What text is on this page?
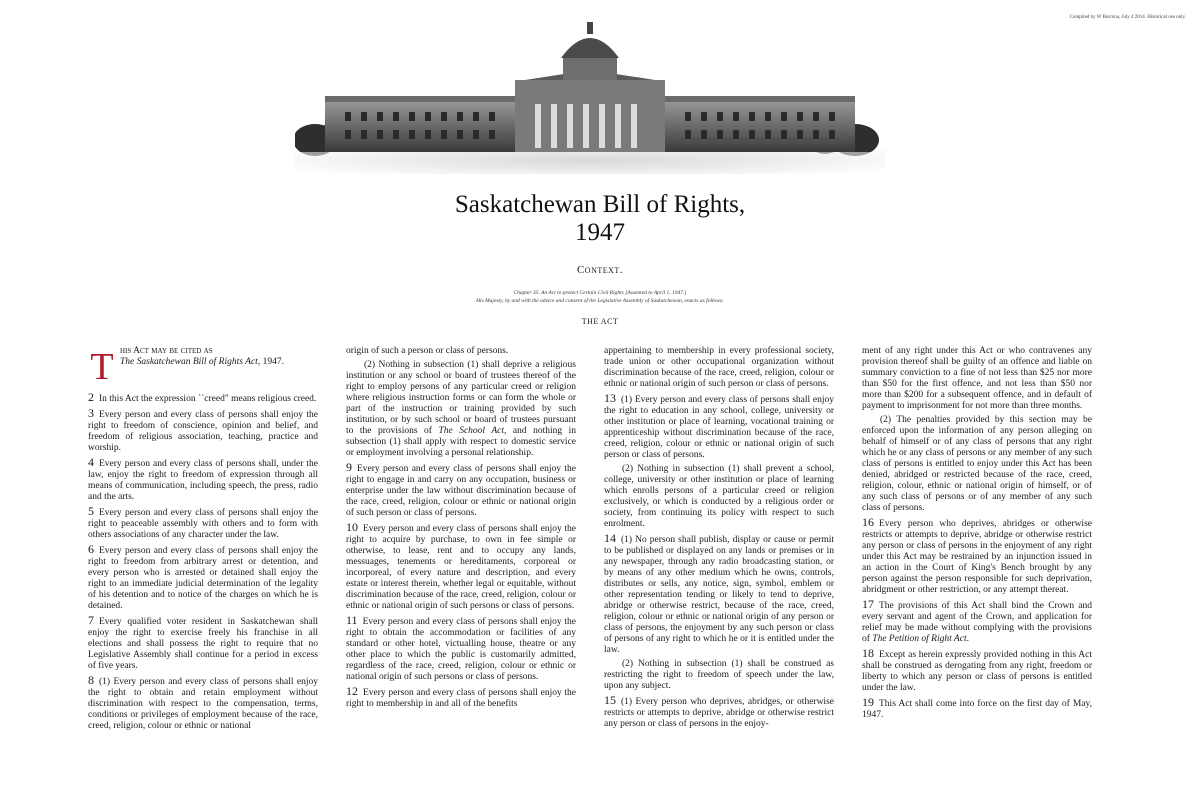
Compiled by W Borrona, July 4 2014. Historical use only.
Saskatchewan Bill of Rights,
1947
Context.
Chapter 35. An Act to protect Certain Civil Rights [Assented to April 1, 1947.]
His Majesty, by and with the advice and consent of the Legislative Assembly of Saskatchewan, enacts as follows:
THE ACT
T his Act may be cited as
The Saskatchewan Bill of Rights Act, 1947.

2 In this Act the expression ``creed" means religious creed.

3 Every person and every class of persons shall enjoy the right to freedom of conscience, opinion and belief, and freedom of religious association, teaching, practice and worship.

4 Every person and every class of persons shall, under the law, enjoy the right to freedom of expression through all means of communication, including speech, the press, radio and the arts.

5 Every person and every class of persons shall enjoy the right to peaceable assembly with others and to form with others associations of any character under the law.

6 Every person and every class of persons shall enjoy the right to freedom from arbitrary arrest or detention, and every person who is arrested or detained shall enjoy the right to an immediate judicial determination of the legality of his detention and to notice of the charges on which he is detained.

7 Every qualified voter resident in Saskatchewan shall enjoy the right to exercise freely his franchise in all elections and shall possess the right to require that no Legislative Assembly shall continue for a period in excess of five years.

8 (1) Every person and every class of persons shall enjoy the right to obtain and retain employment without discrimination with respect to the compensation, terms, conditions or privileges of employment because of the race, creed, religion, colour or ethnic or national

origin of such a person or class of persons.

(2) Nothing in subsection (1) shall deprive a religious institution or any school or board of trustees thereof of the right to employ persons of any particular creed or religion where religious instruction forms or can form the whole or part of the instruction or training provided by such institution, or by such school or board of trustees pursuant to the provisions of The School Act, and nothing in subsection (1) shall apply with respect to domestic service or employment involving a personal relationship.

9 Every person and every class of persons shall enjoy the right to engage in and carry on any occupation, business or enterprise under the law without discrimination because of the race, creed, religion, colour or ethnic or national origin of such person or class of persons.

10 Every person and every class of persons shall enjoy the right to acquire by purchase, to own in fee simple or otherwise, to lease, rent and to occupy any lands, messuages, tenements or hereditaments, corporeal or incorporeal, of every nature and description, and every estate or interest therein, whether legal or equitable, without discrimination because of the race, creed, religion, colour or ethnic or national origin of such persons or class of persons.

11 Every person and every class of persons shall enjoy the right to obtain the accommodation or facilities of any standard or other hotel, victualling house, theatre or any other place to which the public is customarily admitted, regardless of the race, creed, religion, colour or ethnic or national origin of such persons or class of persons.

12 Every person and every class of persons shall enjoy the right to membership in and all of the benefits

appertaining to membership in every professional society, trade union or other occupational organization without discrimination because of the race, creed, religion, colour or ethnic or national origin of such person or class of persons.

13 (1) Every person and every class of persons shall enjoy the right to education in any school, college, university or other institution or place of learning, vocational training or apprenticeship without discrimination because of the race, creed, religion, colour or ethnic or national origin of such person or class of persons.

(2) Nothing in subsection (1) shall prevent a school, college, university or other institution or place of learning which enrolls persons of a particular creed or religion exclusively, or which is conducted by a religious order or society, from continuing its policy with respect to such enrolment.

14 (1) No person shall publish, display or cause or permit to be published or displayed on any lands or premises or in any newspaper, through any radio broadcasting station, or by means of any other medium which he owns, controls, distributes or sells, any notice, sign, symbol, emblem or other representation tending or likely to tend to deprive, abridge or otherwise restrict, because of the race, creed, religion, colour or ethnic or national origin of any person or class of persons, the enjoyment by any such person or class of persons of any right to which he or it is entitled under the law.

(2) Nothing in subsection (1) shall be construed as restricting the right to freedom of speech under the law, upon any subject.

15 (1) Every person who deprives, abridges, or otherwise restricts or attempts to deprive, abridge or otherwise restrict any person or class of persons in the enjoy-

ment of any right under this Act or who contravenes any provision thereof shall be guilty of an offence and liable on summary conviction to a fine of not less than $25 nor more than $50 for the first offence, and not less than $50 nor more than $200 for a subsequent offence, and in default of payment to imprisonment for not more than three months.

(2) The penalties provided by this section may be enforced upon the information of any person alleging on behalf of himself or of any class of persons that any right which he or any class of persons or any member of any such class of persons is entitled to enjoy under this Act has been denied, abridged or restricted because of the race, creed, religion, colour, ethnic or national origin of himself, or of any such class of persons or of any member of any such class of persons.

16 Every person who deprives, abridges or otherwise restricts or attempts to deprive, abridge or otherwise restrict any person or class of persons in the enjoyment of any right under this Act may be restrained by an injunction issued in an action in the Court of King's Bench brought by any person against the person responsible for such deprivation, abridgment or other restriction, or any attempt thereat.

17 The provisions of this Act shall bind the Crown and every servant and agent of the Crown, and application for relief may be made without complying with the provisions of The Petition of Right Act.

18 Except as herein expressly provided nothing in this Act shall be construed as derogating from any right, freedom or liberty to which any person or class of persons is entitled under the law.

19 This Act shall come into force on the first day of May, 1947.
